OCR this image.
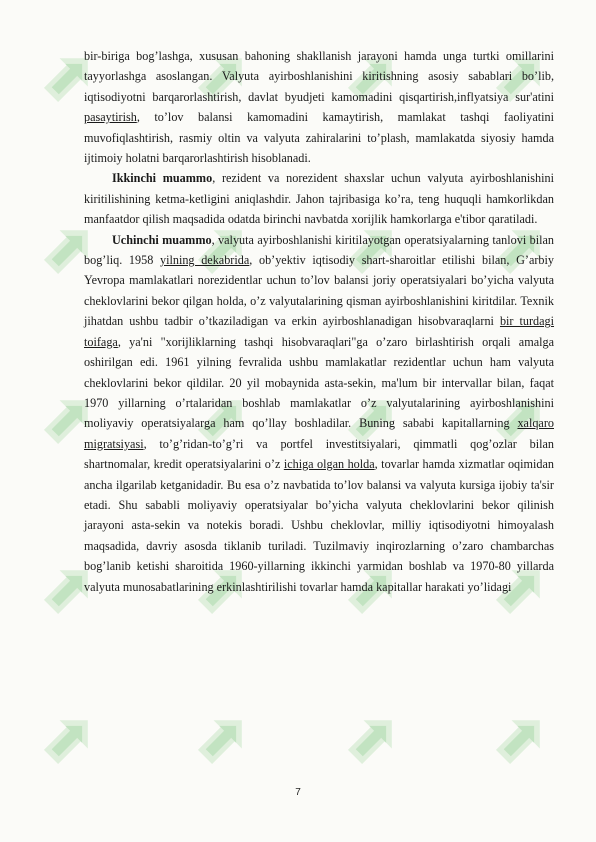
bir-biriga bog’lashga, xususan bahoning shakllanish jarayoni hamda unga turtki omillarini tayyorlashga asoslangan. Valyuta ayirboshlanishini kiritishning asosiy sabablari bo’lib, iqtisodiyotni barqarorlashtirish, davlat byudjeti kamomadini qisqartirish,inflyatsiya sur'atini pasaytirish, to’lov balansi kamomadini kamaytirish, mamlakat tashqi faoliyatini muvofiqlashtirish, rasmiy oltin va valyuta zahiralarini to’plash, mamlakatda siyosiy hamda ijtimoiy holatni barqarorlashtirish hisoblanadi.

Ikkinchi muammo, rezident va norezident shaxslar uchun valyuta ayirboshlanishini kiritilishining ketma-ketligini aniqlashdir. Jahon tajribasiga ko’ra, teng huquqli hamkorlikdan manfaatdor qilish maqsadida odatda birinchi navbatda xorijlik hamkorlarga e'tibor qaratiladi.

Uchinchi muammo, valyuta ayirboshlanishi kiritilayotgan operatsiyalarning tanlovi bilan bog’liq. 1958 yilning dekabrida, ob’yektiv iqtisodiy shart-sharoitlar etilishi bilan, G’arbiy Yevropa mamlakatlari norezidentlar uchun to’lov balansi joriy operatsiyalari bo’yicha valyuta cheklovlarini bekor qilgan holda, o’z valyutalarining qisman ayirboshlanishini kiritdilar. Texnik jihatdan ushbu tadbir o’tkaziladigan va erkin ayirboshlanadigan hisobvaraqlarni bir turdagi toifaga, ya'ni "xorijliklarning tashqi hisobvaraqlari"ga o’zaro birlashtirish orqali amalga oshirilgan edi. 1961 yilning fevralida ushbu mamlakatlar rezidentlar uchun ham valyuta cheklovlarini bekor qildilar. 20 yil mobaynida asta-sekin, ma'lum bir intervallar bilan, faqat 1970 yillarning o’rtalaridan boshlab mamlakatlar o’z valyutalarining ayirboshlanishini moliyaviy operatsiyalarga ham qo’llay boshladilar. Buning sababi kapitallarning xalqaro migratsiyasi, to’g’ridan-to’g’ri va portfel investitsiyalari, qimmatli qog’ozlar bilan shartnomalar, kredit operatsiyalarini o’z ichiga olgan holda, tovarlar hamda xizmatlar oqimidan ancha ilgarilab ketganidadir. Bu esa o’z navbatida to’lov balansi va valyuta kursiga ijobiy ta'sir etadi. Shu sababli moliyaviy operatsiyalar bo’yicha valyuta cheklovlarini bekor qilinish jarayoni asta-sekin va notekis boradi. Ushbu cheklovlar, milliy iqtisodiyotni himoyalash maqsadida, davriy asosda tiklanib turiladi. Tuzilmaviy inqirozlarning o’zaro chambarchas bog’lanib ketishi sharoitida 1960-yillarning ikkinchi yarmidan boshlab va 1970-80 yillarda valyuta munosabatlarining erkinlashtirilishi tovarlar hamda kapitallar harakati yo’lidagi

7
